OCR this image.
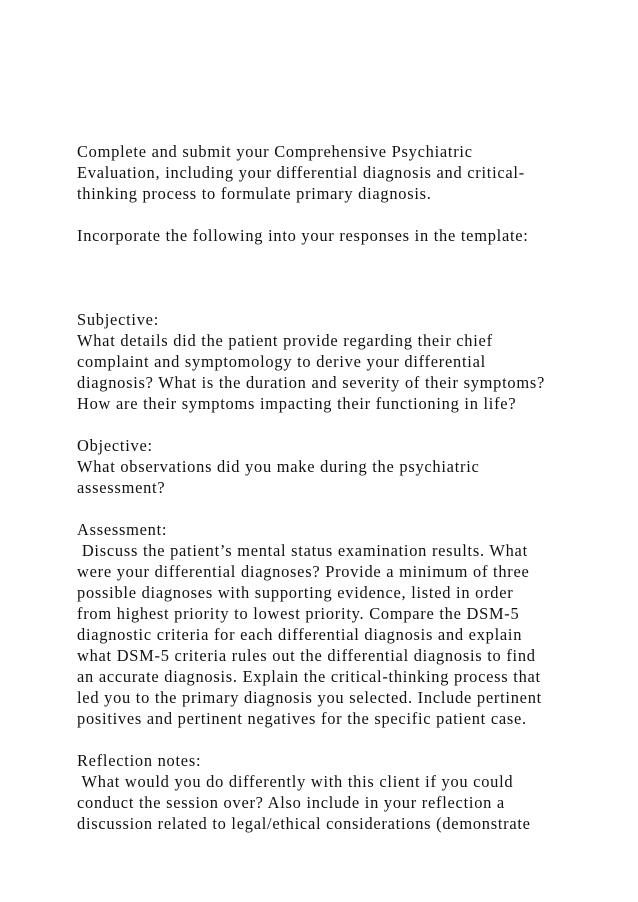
Complete and submit your Comprehensive Psychiatric

Evaluation, including your differential diagnosis and critical-

thinking process to formulate primary diagnosis.

Incorporate the following into your responses in the template:

Subjective:

What details did the patient provide regarding their chief

complaint and symptomology to derive your differential

diagnosis? What is the duration and severity of their symptoms?

How are their symptoms impacting their functioning in life?

Objective:

What observations did you make during the psychiatric

assessment?

Assessment:

Discuss the patient’s mental status examination results. What

were your differential diagnoses? Provide a minimum of three

possible diagnoses with supporting evidence, listed in order

from highest priority to lowest priority. Compare the DSM-5

diagnostic criteria for each differential diagnosis and explain

what DSM-5 criteria rules out the differential diagnosis to find

an accurate diagnosis. Explain the critical-thinking process that

led you to the primary diagnosis you selected. Include pertinent

positives and pertinent negatives for the specific patient case.

Reflection notes:

What would you do differently with this client if you could

conduct the session over? Also include in your reflection a

discussion related to legal/ethical considerations (demonstrate
